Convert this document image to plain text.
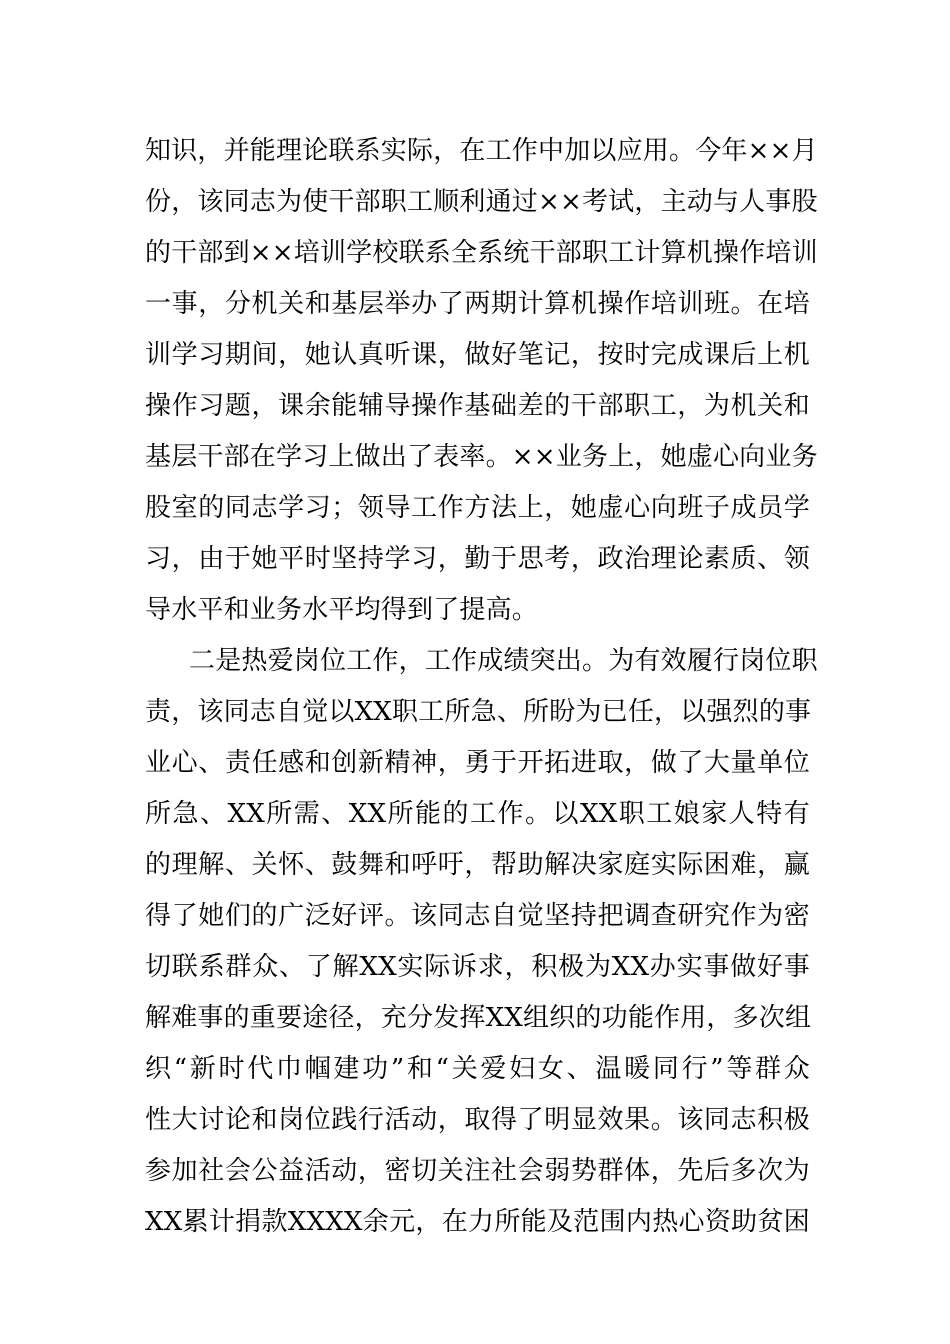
知识，并能理论联系实际，在工作中加以应用。今年××月
份，该同志为使干部职工顺利通过××考试，主动与人事股
的干部到××培训学校联系全系统干部职工计算机操作培训
一事，分机关和基层举办了两期计算机操作培训班。在培
训学习期间，她认真听课，做好笔记，按时完成课后上机
操作习题，课余能辅导操作基础差的干部职工，为机关和
基层干部在学习上做出了表率。××业务上，她虚心向业务
股室的同志学习；领导工作方法上，她虚心向班子成员学
习，由于她平时坚持学习，勤于思考，政治理论素质、领
导水平和业务水平均得到了提高。
二是热爱岗位工作，工作成绩突出。为有效履行岗位职
责，该同志自觉以XX职工所急、所盼为已任，以强烈的事
业心、责任感和创新精神，勇于开拓进取，做了大量单位
所急、XX所需、XX所能的工作。以XX职工娘家人特有
的理解、关怀、鼓舞和呼吁，帮助解决家庭实际困难，赢
得了她们的广泛好评。该同志自觉坚持把调查研究作为密
切联系群众、了解XX实际诉求，积极为XX办实事做好事
解难事的重要途径，充分发挥XX组织的功能作用，多次组
织“新时代巾帼建功”和“关爱妇女、温暖同行”等群众
性大讨论和岗位践行活动，取得了明显效果。该同志积极
参加社会公益活动，密切关注社会弱势群体，先后多次为
XX累计捐款XXXX余元，在力所能及范围内热心资助贫困
